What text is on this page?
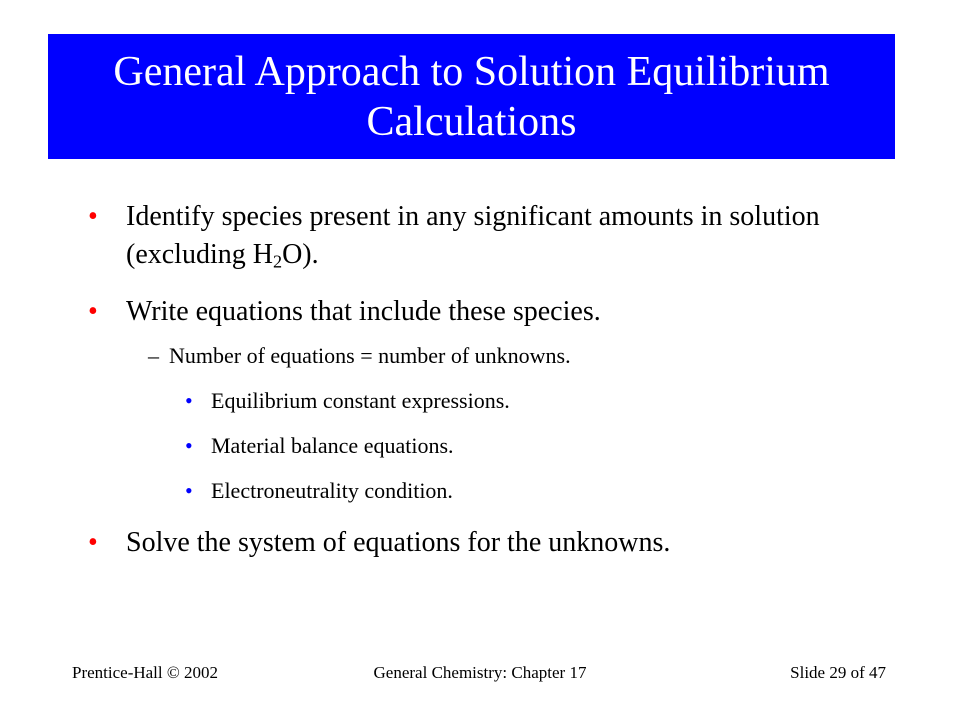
General Approach to Solution Equilibrium
Calculations
• Identify species present in any significant amounts in solution (excluding $H_2O$).
• Write equations that include these species.
– Number of equations = number of unknowns.
• Equilibrium constant expressions.
• Material balance equations.
• Electroneutrality condition.
• Solve the system of equations for the unknowns.
Prentice-Hall © 2002	General Chemistry: Chapter 17	Slide 29 of 47
